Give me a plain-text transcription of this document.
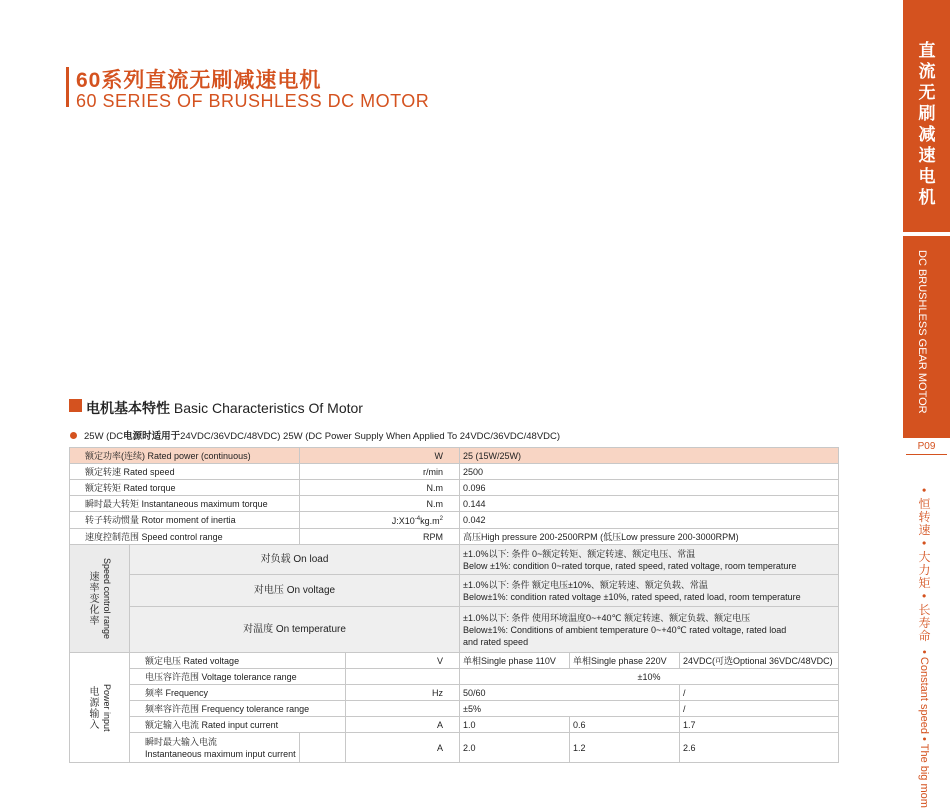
60系列直流无刷减速电机
60 SERIES OF BRUSHLESS DC MOTOR
直流无刷减速电机
DC BRUSHLESS GEAR MOTOR
P09
• 恒转速 • 大力矩 • 长寿命
• Constant speed • The big mom
电机基本特性 Basic Characteristics Of Motor
25W (DC电源时适用于24VDC/36VDC/48VDC) 25W (DC Power Supply When Applied To 24VDC/36VDC/48VDC)
额定功率(连续) Rated power (continuous)		W		25 (15W/25W)		
额定转速 Rated speed		r/min		2500		
额定转矩 Rated torque		N.m		0.096		
瞬时最大转矩 Instantaneous maximum torque		N.m		0.144		
转子转动惯量 Rotor moment of inertia		$J:X10^{-4}kg.m^2$		0.042		
速度控制范围 Speed control range		RPM		高压High pressure 200-2500RPM (低压Low pressure 200-3000RPM)		

速率变化率 Speed control range	对负载 On load			±1.0%以下: 条件 0~额定转矩、额定转速、额定电压、常温
Below ±1%: condition 0~rated torque, rated speed, rated voltage, room temperature		

	对电压 On voltage			±1.0%以下: 条件 额定电压±10%、额定转速、额定负载、常温
Below±1%: condition rated voltage ±10%, rated speed, rated load, room temperature		

	对温度 On temperature			±1.0%以下: 条件 使用环境温度0~+40℃ 额定转速、额定负载、额定电压
Below±1%: Conditions of ambient temperature 0~+40℃ rated voltage, rated load
and rated speed		

电源输入 Power input	额定电压 Rated voltage		V	单相Single phase 110V	单相Single phase 220V	24VDC(可选Optional 36VDC/48VDC)
	电压容许范围 Voltage tolerance range			±10%		
	频率 Frequency		Hz	50/60		/
	频率容许范围 Frequency tolerance range			±5%		/
	额定输入电流 Rated input current		A	1.0	0.6	1.7

	瞬时最大输入电流
Instantaneous maximum input current		A	2.0	1.2	2.6
